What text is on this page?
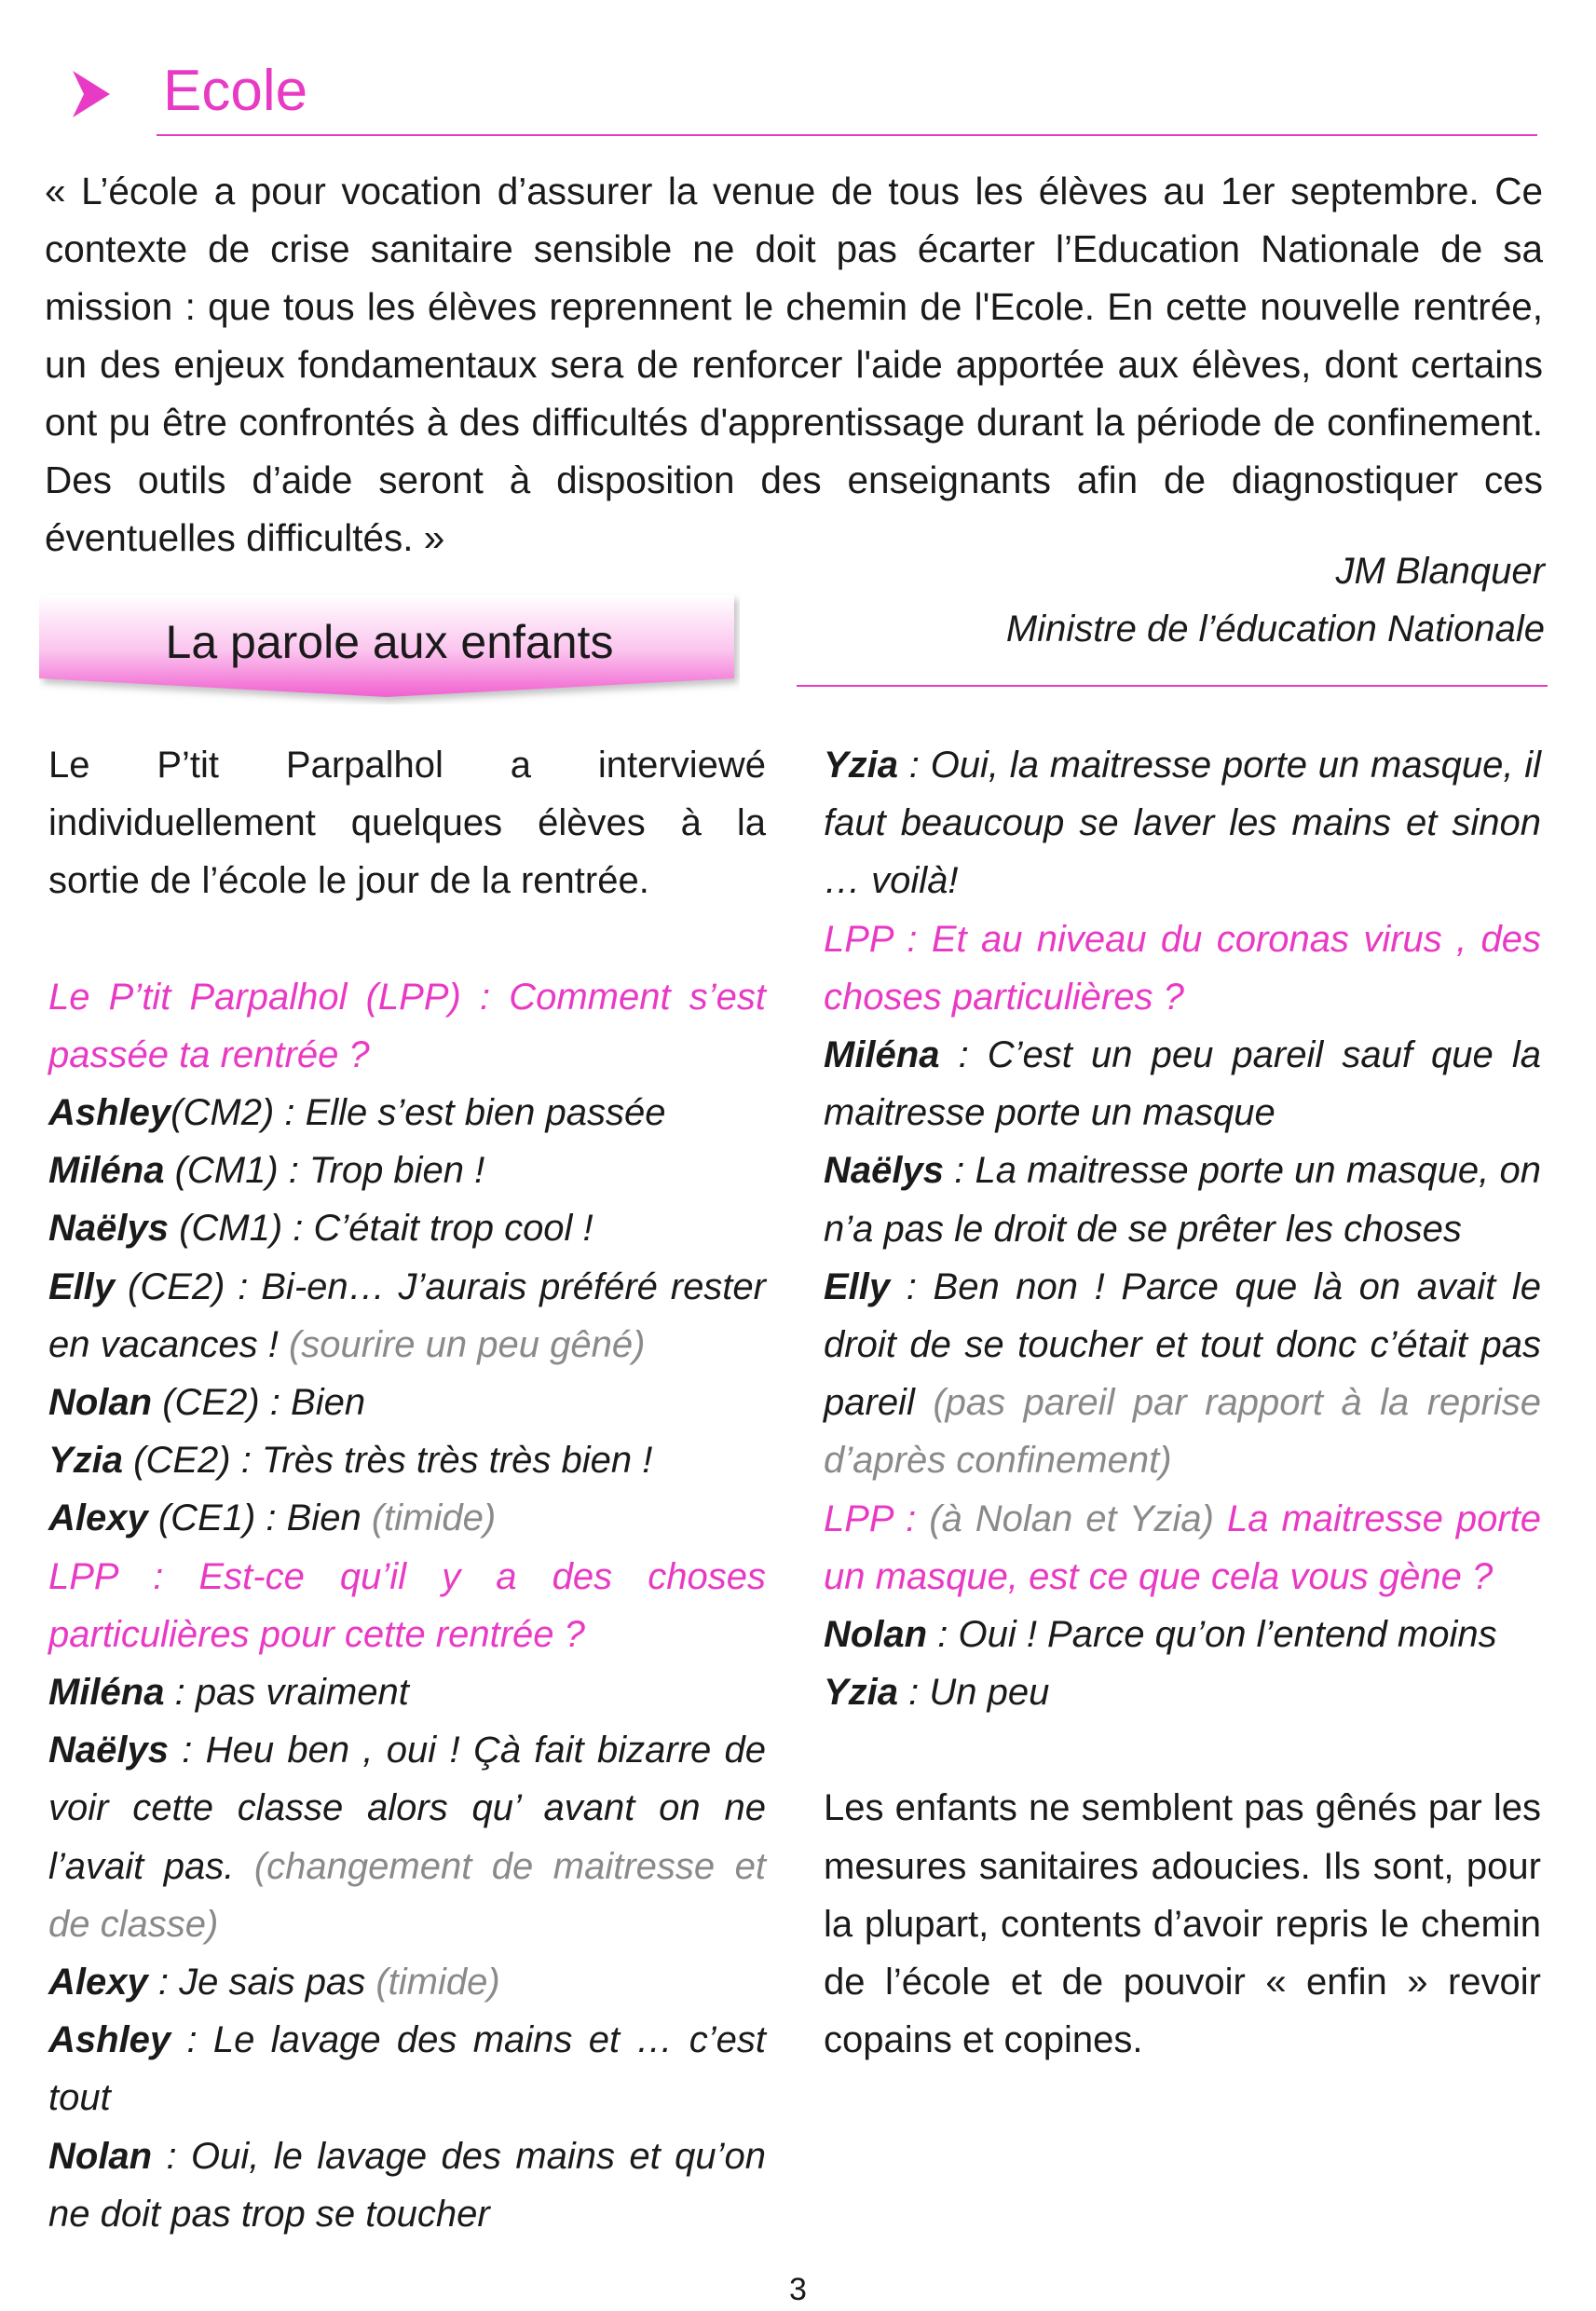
Ecole
« L’école a pour vocation d’assurer la venue de tous les élèves au 1er septembre. Ce contexte de crise sanitaire sensible ne doit pas écarter l’Education Nationale de sa mission : que tous les élèves reprennent le chemin de l'Ecole. En cette nouvelle rentrée, un des enjeux fondamentaux sera de renforcer l'aide apportée aux élèves, dont certains ont pu être confrontés à des difficultés d'apprentissage durant la période de confinement. Des outils d’aide seront à disposition des enseignants afin de diagnostiquer ces éventuelles difficultés. »
JM Blanquer
Ministre de l’éducation Nationale
La parole aux enfants
Le P’tit Parpalhol a interviewé individuellement quelques élèves à la sortie de l’école le jour de la rentrée.
Le P’tit Parpalhol (LPP) : Comment s’est passée ta rentrée ?
Ashley(CM2) : Elle s’est bien passée
Miléna (CM1) : Trop bien !
Naëlys (CM1) : C’était trop cool !
Elly (CE2) : Bi-en… J’aurais préféré rester en vacances ! (sourire un peu gêné)
Nolan (CE2) : Bien
Yzia (CE2) : Très très très très bien !
Alexy (CE1) : Bien (timide)
LPP : Est-ce qu’il y a des choses particulières pour cette rentrée ?
Miléna : pas vraiment
Naëlys : Heu ben , oui ! Çà fait bizarre de voir cette classe alors qu’ avant on ne l’avait pas. (changement de maitresse et de classe)
Alexy : Je sais pas (timide)
Ashley : Le lavage des mains et … c’est tout
Nolan : Oui, le lavage des mains et qu’on ne doit pas trop se toucher
Yzia : Oui, la maitresse porte un masque, il faut beaucoup se laver les mains et sinon … voilà!
LPP : Et au niveau du coronas virus , des choses particulières ?
Miléna : C’est un peu pareil sauf que la maitresse porte un masque
Naëlys : La maitresse porte un masque, on n’a pas le droit de se prêter les choses
Elly : Ben non ! Parce que là on avait le droit de se toucher et tout donc c’était pas pareil (pas pareil par rapport à la reprise d’après confinement)
LPP : (à Nolan et Yzia) La maitresse porte un masque, est ce que cela vous gène ?
Nolan : Oui ! Parce qu’on l’entend moins
Yzia : Un peu
Les enfants ne semblent pas gênés par les mesures sanitaires adoucies. Ils sont, pour la plupart, contents d’avoir repris le chemin de l’école et de pouvoir « enfin » revoir copains et copines.
3
